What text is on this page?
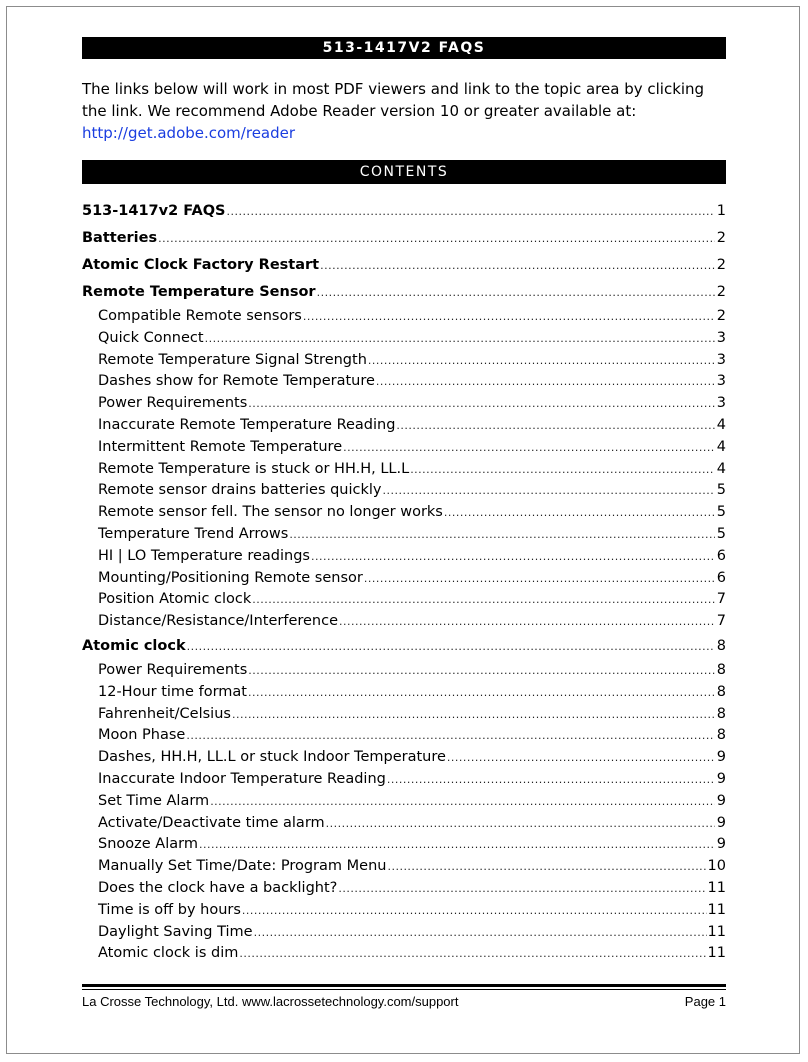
513-1417V2 FAQS
The links below will work in most PDF viewers and link to the topic area by clicking the link. We recommend Adobe Reader version 10 or greater available at:
http://get.adobe.com/reader
CONTENTS
513-1417v2 FAQS .....	1
Batteries .....	2
Atomic Clock Factory Restart .....	2
Remote Temperature Sensor .....	2
Compatible Remote sensors .....	2
Quick Connect .....	3
Remote Temperature Signal Strength .....	3
Dashes show for Remote Temperature .....	3
Power Requirements .....	3
Inaccurate Remote Temperature Reading .....	4
Intermittent Remote Temperature .....	4
Remote Temperature is stuck or HH.H, LL.L .....	4
Remote sensor drains batteries quickly .....	5
Remote sensor fell. The sensor no longer works .....	5
Temperature Trend Arrows .....	5
HI | LO Temperature readings .....	6
Mounting/Positioning Remote sensor .....	6
Position Atomic clock .....	7
Distance/Resistance/Interference .....	7
Atomic clock .....	8
Power Requirements .....	8
12-Hour time format .....	8
Fahrenheit/Celsius .....	8
Moon Phase .....	8
Dashes, HH.H, LL.L or stuck Indoor Temperature .....	9
Inaccurate Indoor Temperature Reading .....	9
Set Time Alarm .....	9
Activate/Deactivate time alarm .....	9
Snooze Alarm .....	9
Manually Set Time/Date: Program Menu .....	10
Does the clock have a backlight? .....	11
Time is off by hours .....	11
Daylight Saving Time .....	11
Atomic clock is dim .....	11
La Crosse Technology, Ltd. www.lacrossetechnology.com/support	Page 1
